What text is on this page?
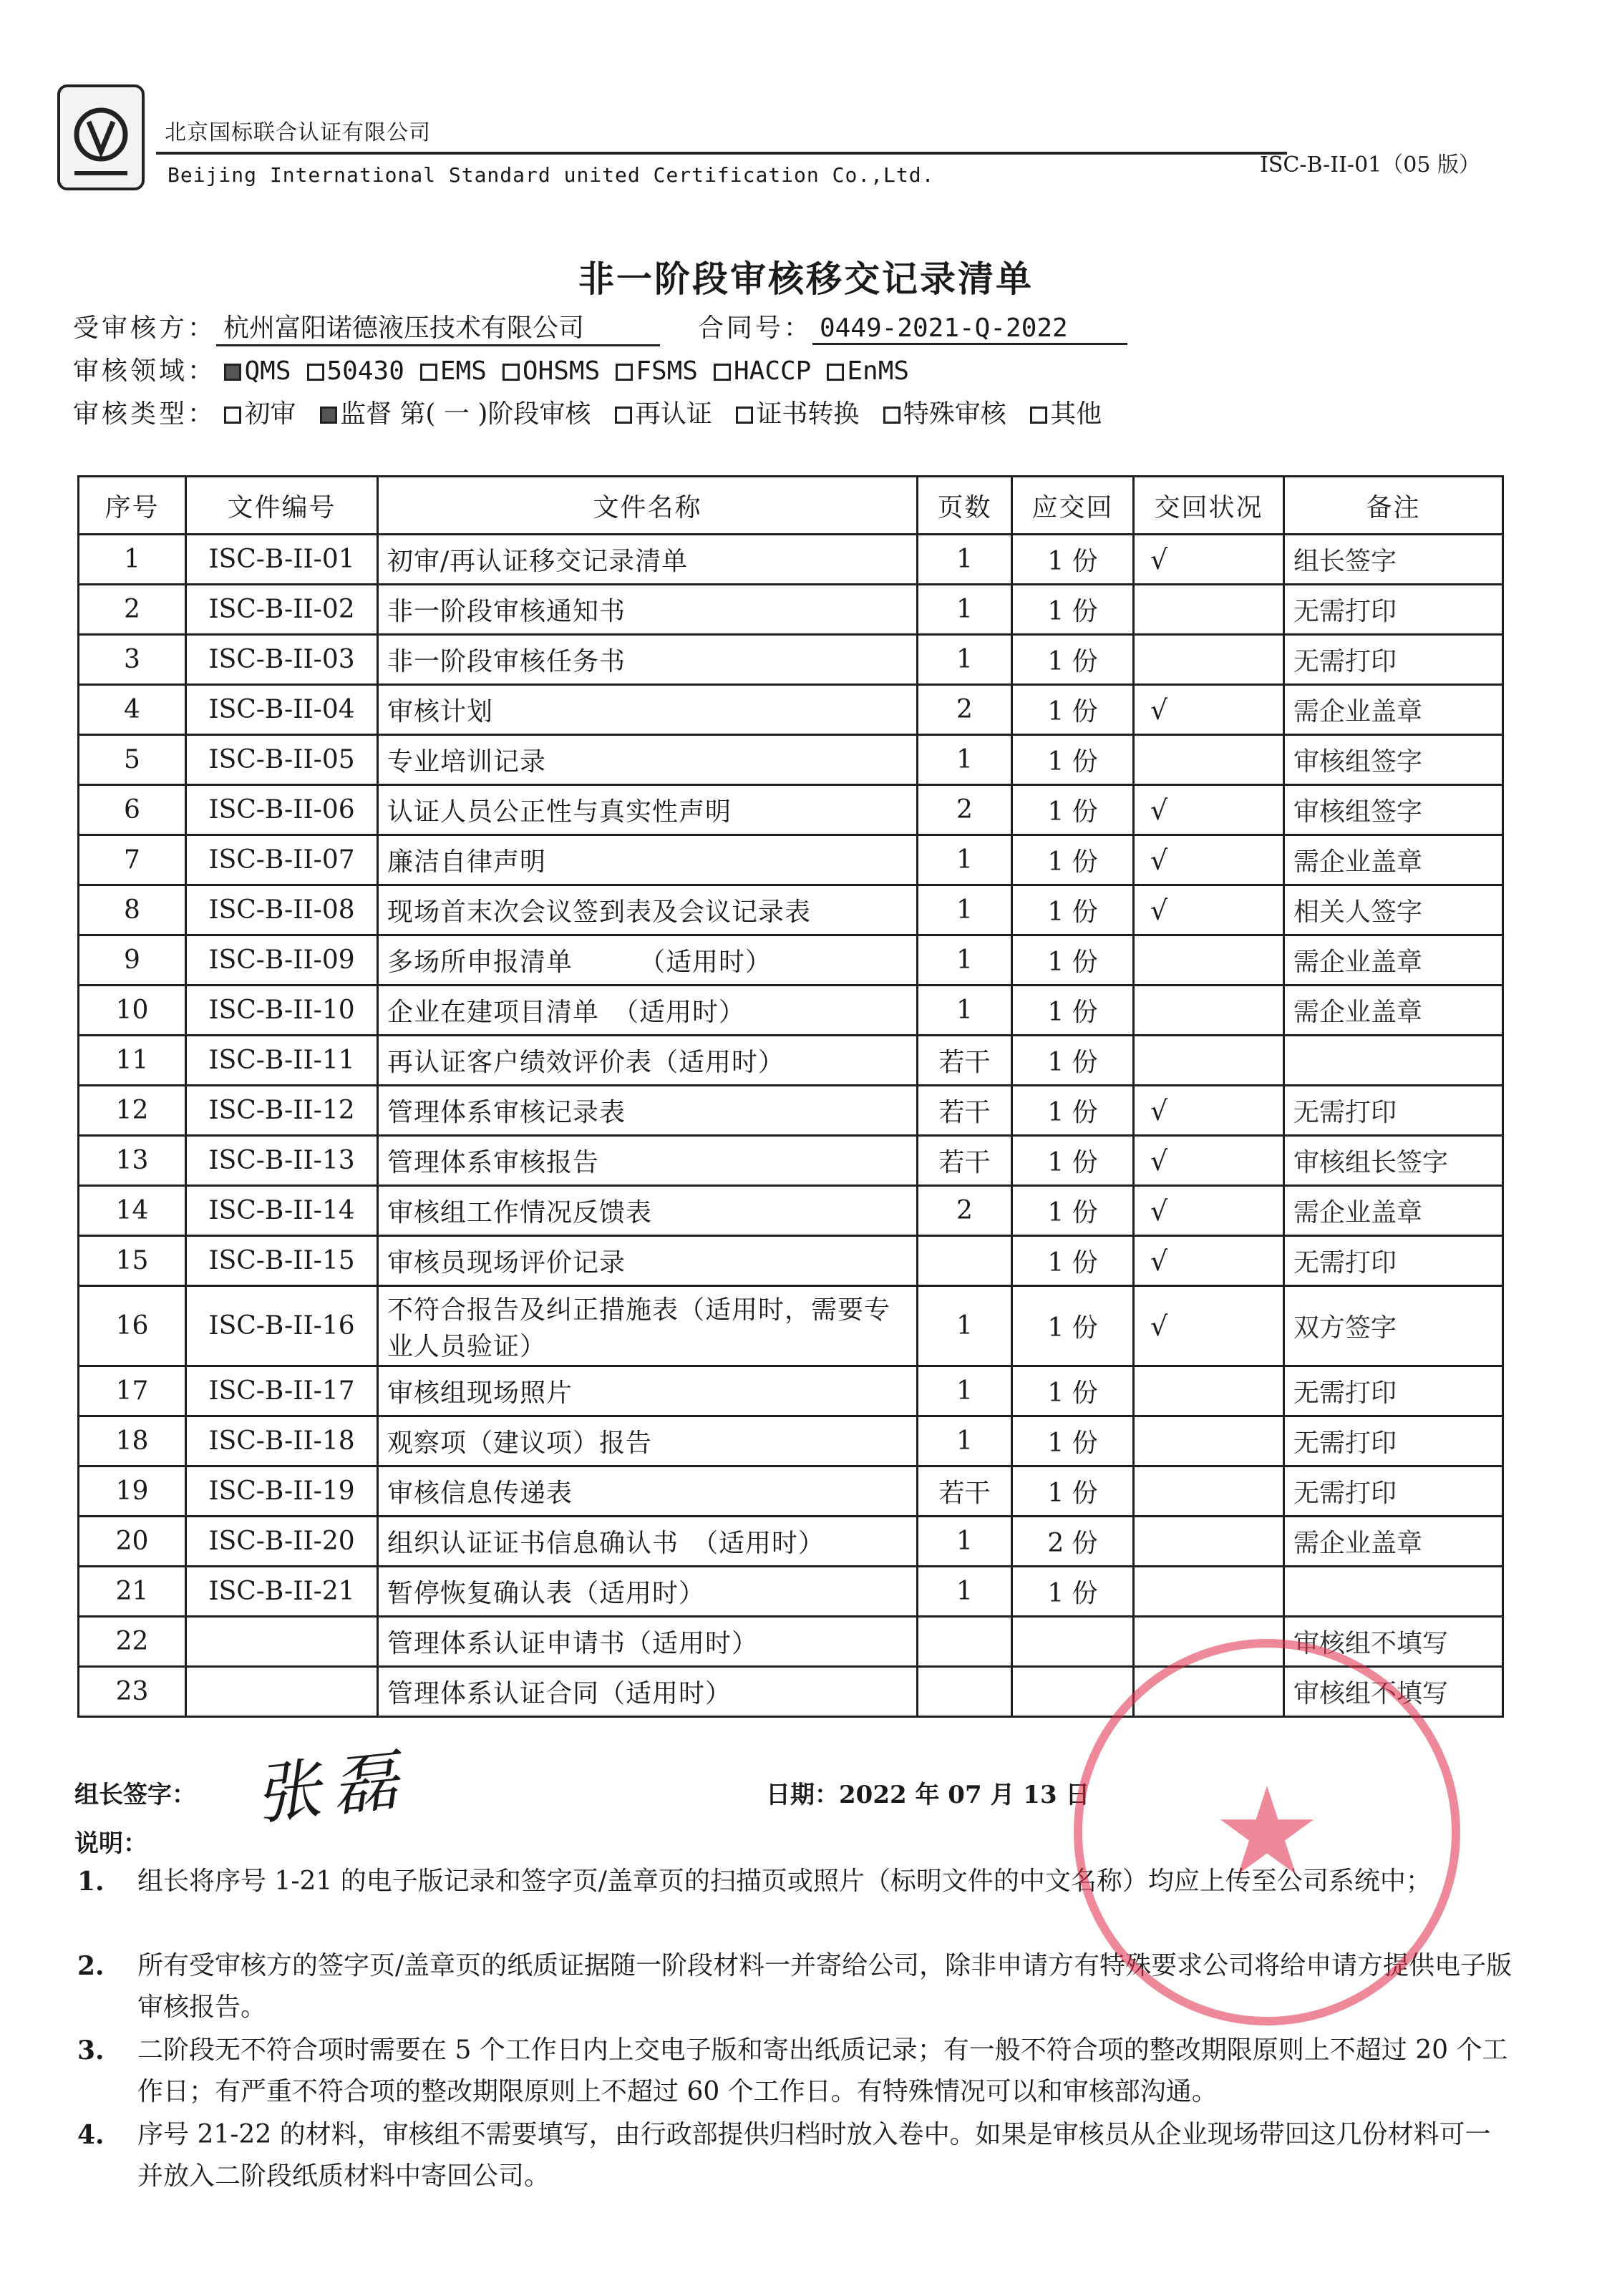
北京国标联合认证有限公司
Beijing International Standard united Certification Co.,Ltd.	ISC-B-II-01（05 版）
非一阶段审核移交记录清单
受审核方： 杭州富阳诺德液压技术有限公司	合同号： 0449-2021-Q-2022
审核领域： QMS 50430 EMS OHSMS FSMS HACCP EnMS
审核类型： 初审 监督 第( 一 )阶段审核 再认证 证书转换 特殊审核 其他
序号	文件编号	文件名称	页数	应交回	交回状况	备注
1	ISC-B-II-01	初审/再认证移交记录清单	1	1 份	√	组长签字
2	ISC-B-II-02	非一阶段审核通知书	1	1 份		无需打印
3	ISC-B-II-03	非一阶段审核任务书	1	1 份		无需打印
4	ISC-B-II-04	审核计划	2	1 份	√	需企业盖章
5	ISC-B-II-05	专业培训记录	1	1 份		审核组签字
6	ISC-B-II-06	认证人员公正性与真实性声明	2	1 份	√	审核组签字
7	ISC-B-II-07	廉洁自律声明	1	1 份	√	需企业盖章
8	ISC-B-II-08	现场首末次会议签到表及会议记录表	1	1 份	√	相关人签字
9	ISC-B-II-09	多场所申报清单　　　（适用时）	1	1 份		需企业盖章
10	ISC-B-II-10	企业在建项目清单　（适用时）	1	1 份		需企业盖章
11	ISC-B-II-11	再认证客户绩效评价表（适用时）	若干	1 份		
12	ISC-B-II-12	管理体系审核记录表	若干	1 份	√	无需打印
13	ISC-B-II-13	管理体系审核报告	若干	1 份	√	审核组长签字
14	ISC-B-II-14	审核组工作情况反馈表	2	1 份	√	需企业盖章
15	ISC-B-II-15	审核员现场评价记录		1 份	√	无需打印
16	ISC-B-II-16	不符合报告及纠正措施表（适用时，需要专业人员验证）	1	1 份	√	双方签字
17	ISC-B-II-17	审核组现场照片	1	1 份		无需打印
18	ISC-B-II-18	观察项（建议项）报告	1	1 份		无需打印
19	ISC-B-II-19	审核信息传递表	若干	1 份		无需打印
20	ISC-B-II-20	组织认证证书信息确认书　（适用时）	1	2 份		需企业盖章
21	ISC-B-II-21	暂停恢复确认表（适用时）	1	1 份		
22		管理体系认证申请书（适用时）				审核组不填写
23		管理体系认证合同（适用时）				审核组不填写
组长签字： 张磊	日期：2022 年 07 月 13 日
说明：
1. 组长将序号 1-21 的电子版记录和签字页/盖章页的扫描页或照片（标明文件的中文名称）均应上传至公司系统中；
2. 所有受审核方的签字页/盖章页的纸质证据随一阶段材料一并寄给公司，除非申请方有特殊要求公司将给申请方提供电子版审核报告。
3. 二阶段无不符合项时需要在 5 个工作日内上交电子版和寄出纸质记录；有一般不符合项的整改期限原则上不超过 20 个工作日；有严重不符合项的整改期限原则上不超过 60 个工作日。有特殊情况可以和审核部沟通。
4. 序号 21-22 的材料，审核组不需要填写，由行政部提供归档时放入卷中。如果是审核员从企业现场带回这几份材料可一并放入二阶段纸质材料中寄回公司。
★
